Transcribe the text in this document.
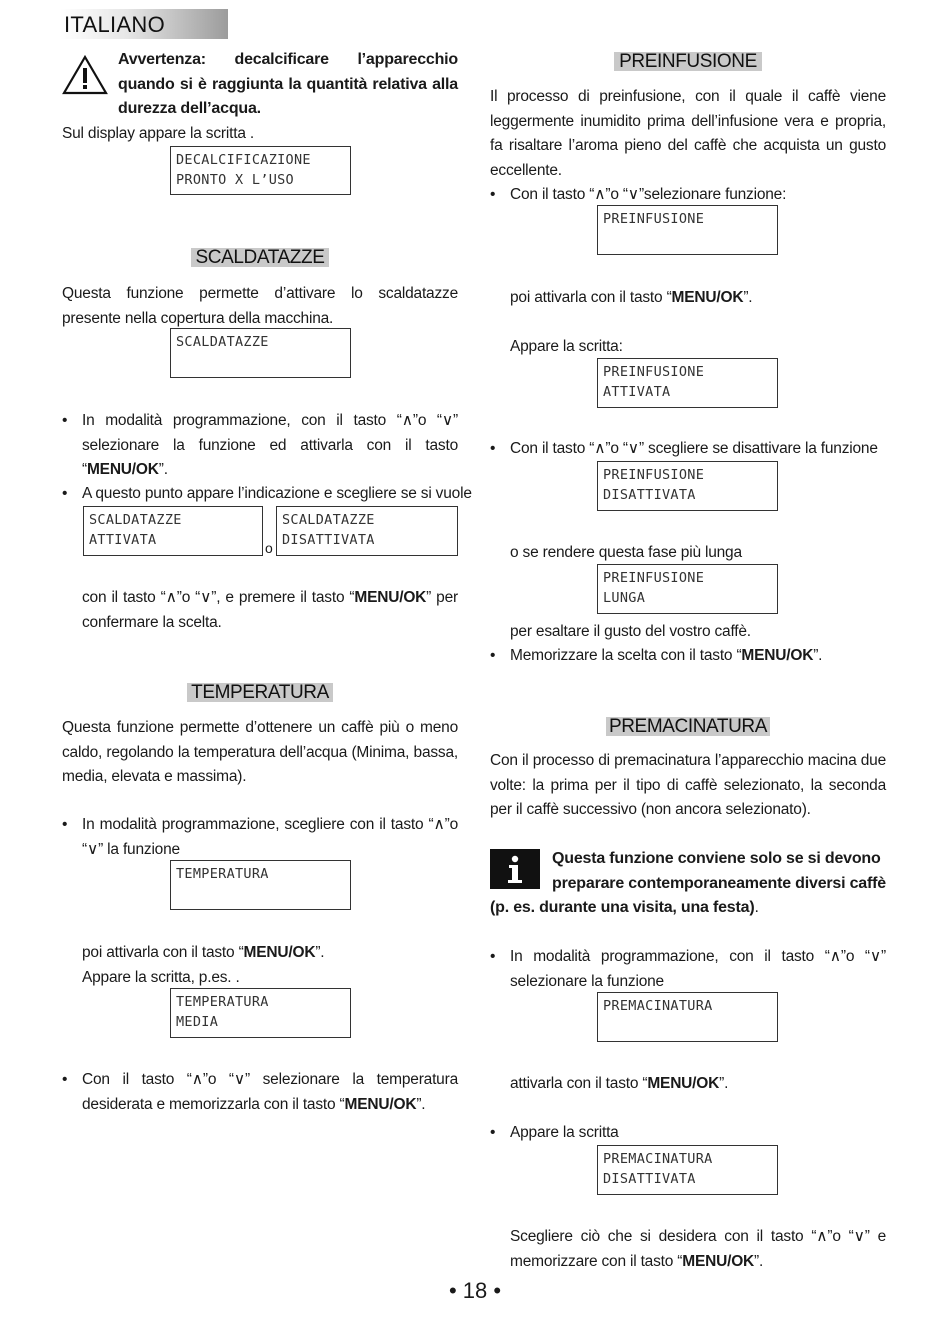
ITALIANO
Avvertenza: decalcificare l’apparecchio quando si è raggiunta la quantità relativa alla durezza dell’acqua.
Sul display appare la scritta .
DECALCIFICAZIONE
PRONTO X L’USO
SCALDATAZZE
Questa funzione permette d’attivare lo scaldatazze presente nella copertura della macchina.
SCALDATAZZE
• In modalità programmazione, con il tasto “∧”o “∨” selezionare la funzione ed attivarla con il tasto “MENU/OK”.
• A questo punto appare l’indicazione e scegliere se si vuole
SCALDATAZZE
ATTIVATA	o
SCALDATAZZE
DISATTIVATA
con il tasto “∧”o “∨”, e premere il tasto “MENU/OK” per confermare la scelta.
TEMPERATURA
Questa funzione permette d’ottenere un caffè più o meno caldo, regolando la temperatura dell’acqua (Minima, bassa, media, elevata e massima).
• In modalità programmazione, scegliere con il tasto “∧”o “∨” la funzione
TEMPERATURA
poi attivarla con il tasto “MENU/OK”.
Appare la scritta, p.es. .
TEMPERATURA
MEDIA
• Con il tasto “∧”o “∨” selezionare la temperatura desiderata e memorizzarla con il tasto “MENU/OK”.
PREINFUSIONE
Il processo di preinfusione, con il quale il caffè viene leggermente inumidito prima dell’infusione vera e propria, fa risaltare l’aroma pieno del caffè che acquista un gusto eccellente.
• Con il tasto “∧”o “∨”selezionare funzione:
PREINFUSIONE
poi attivarla con il tasto “MENU/OK”.
Appare la scritta:
PREINFUSIONE
ATTIVATA
• Con il tasto “∧”o “∨” scegliere se disattivare la funzione
PREINFUSIONE
DISATTIVATA
o se rendere questa fase più lunga
PREINFUSIONE
LUNGA
per esaltare il gusto del vostro caffè.
• Memorizzare la scelta con il tasto “MENU/OK”.
PREMACINATURA
Con il processo di premacinatura l’apparecchio macina due volte: la prima per il tipo di caffè selezionato, la seconda per il caffè successivo (non ancora selezionato).
Questa funzione conviene solo se si devono preparare contemporaneamente diversi caffè (p. es. durante una visita, una festa).
• In modalità programmazione, con il tasto “∧”o “∨” selezionare la funzione
PREMACINATURA
attivarla con il tasto “MENU/OK”.
• Appare la scritta
PREMACINATURA
DISATTIVATA
Scegliere ciò che si desidera con il tasto “∧”o “∨” e memorizzare con il tasto “MENU/OK”.
• 18 •
